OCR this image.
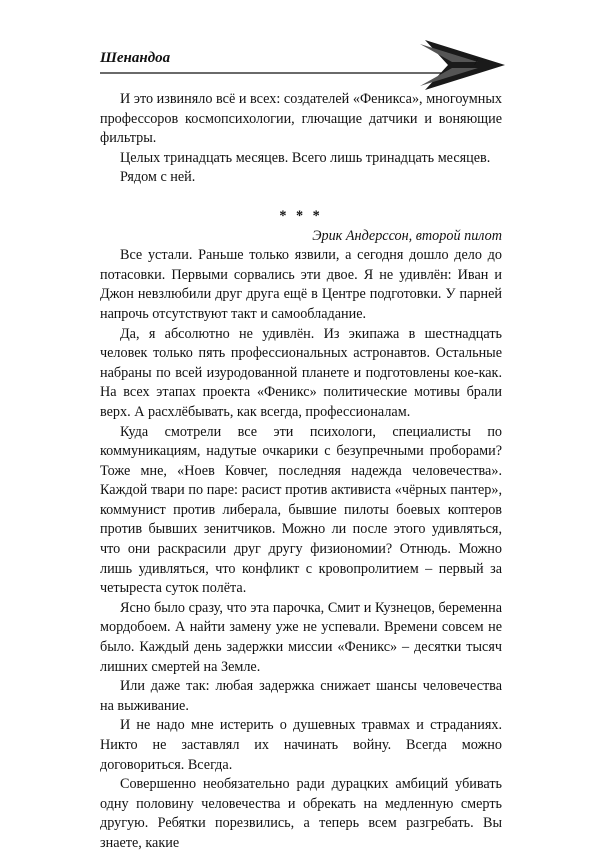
Шенандоа	7

И это извиняло всё и всех: создателей «Феникса», многоумных профессоров космопсихологии, глючащие датчики и воняющие фильтры.

Целых тринадцать месяцев. Всего лишь тринадцать месяцев.

Рядом с ней.

* * *

Эрик Андерссон, второй пилот

Все устали. Раньше только язвили, а сегодня дошло дело до потасовки. Первыми сорвались эти двое. Я не удивлён: Иван и Джон невзлюбили друг друга ещё в Центре подготовки. У парней напрочь отсутствуют такт и самообладание.

Да, я абсолютно не удивлён. Из экипажа в шестнадцать человек только пять профессиональных астронавтов. Остальные набраны по всей изуродованной планете и подготовлены кое-как. На всех этапах проекта «Феникс» политические мотивы брали верх. А расхлёбывать, как всегда, профессионалам.

Куда смотрели все эти психологи, специалисты по коммуникациям, надутые очкарики с безупречными проборами? Тоже мне, «Ноев Ковчег, последняя надежда человечества». Каждой твари по паре: расист против активиста «чёрных пантер», коммунист против либерала, бывшие пилоты боевых коптеров против бывших зенитчиков. Можно ли после этого удивляться, что они раскрасили друг другу физиономии? Отнюдь. Можно лишь удивляться, что конфликт с кровопролитием – первый за четыреста суток полёта.

Ясно было сразу, что эта парочка, Смит и Кузнецов, беременна мордобоем. А найти замену уже не успевали. Времени совсем не было. Каждый день задержки миссии «Феникс» – десятки тысяч лишних смертей на Земле.

Или даже так: любая задержка снижает шансы человечества на выживание.

И не надо мне истерить о душевных травмах и страданиях. Никто не заставлял их начинать войну. Всегда можно договориться. Всегда.

Совершенно необязательно ради дурацких амбиций убивать одну половину человечества и обрекать на медленную смерть другую. Ребятки порезвились, а теперь всем разгребать. Вы знаете, какие
